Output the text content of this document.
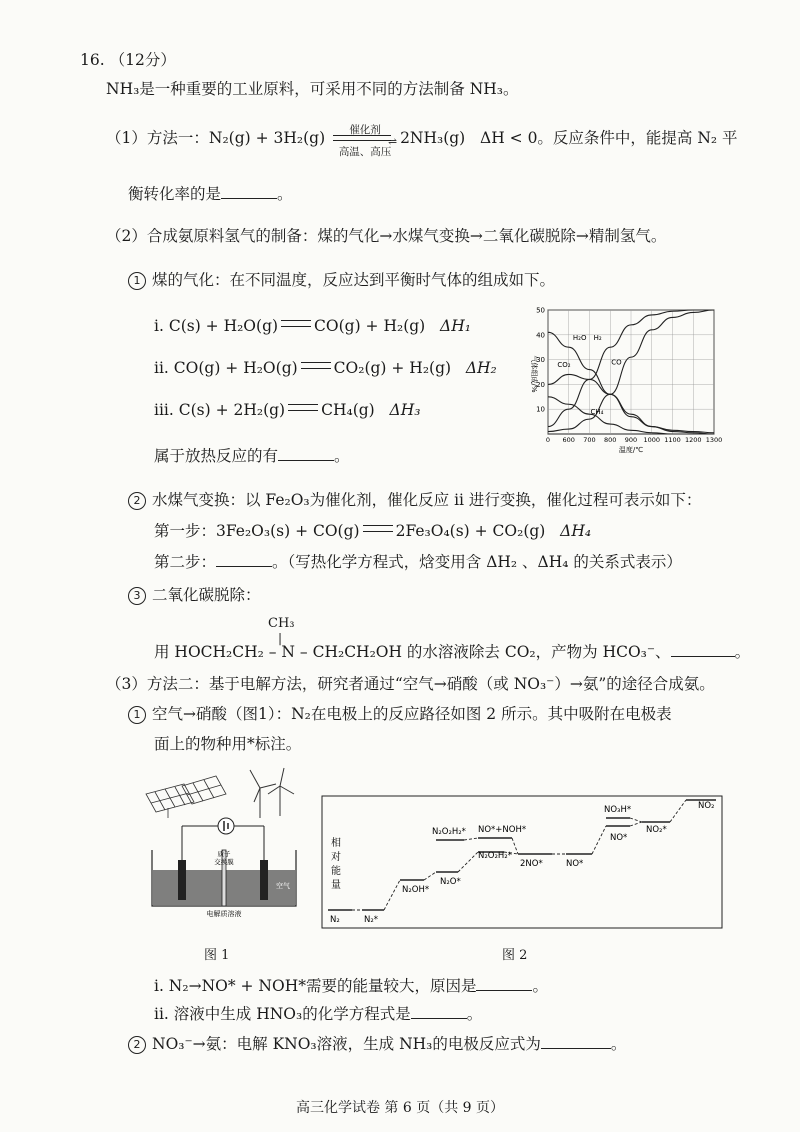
16. （12分）
NH₃是一种重要的工业原料，可采用不同的方法制备 NH₃。
（1）方法一：N₂(g) + 3H₂(g)	催化剂
⇌
高温、高压
2NH₃(g) ΔH < 0。反应条件中，能提高 N₂ 平
衡转化率的是	。
（2）合成氨原料氢气的制备：煤的气化→水煤气变换→二氧化碳脱除→精制氢气。
1 煤的气化：在不同温度，反应达到平衡时气体的组成如下。
i. C(s) + H₂O(g) CO(g) + H₂(g) ΔH₁
ii. CO(g) + H₂O(g) CO₂(g) + H₂(g) ΔH₂
iii. C(s) + 2H₂(g) CH₄(g) ΔH₃
属于放热反应的有	。
10
20
30
40
50
0 600 700 800 900 1000 1100 1200 1300
H₂O H₂
CO₂	CO
CH₄
气体组成/%
温度/℃
2 水煤气变换：以 Fe₂O₃为催化剂，催化反应 ii 进行变换，催化过程可表示如下：
第一步：3Fe₂O₃(s) + CO(g) 2Fe₃O₄(s) + CO₂(g) ΔH₄
第二步：	。（写热化学方程式，焓变用含 ΔH₂ 、ΔH₄ 的关系式表示）
3 二氧化碳脱除：
CH₃
|
用 HOCH₂CH₂ – N – CH₂CH₂OH 的水溶液除去 CO₂，产物为 HCO₃⁻、	。
（3）方法二：基于电解方法，研究者通过“空气→硝酸（或 NO₃⁻）→氨”的途径合成氨。
1 空气→硝酸（图1）：N₂在电极上的反应路径如图 2 所示。其中吸附在电极表
面上的物种用*标注。
质子
交换膜
空气
电解质溶液
相
对
能
量
N₂	N₂*
N₂OH*
N₂O*
N₂O₂H₂*
N₂O₂H₂*
NO*+NOH*
2NO*	NO*
NO₃H*
NO*
NO₂*
NO₂
图 1	图 2
i. N₂→NO* + NOH*需要的能量较大，原因是	。
ii. 溶液中生成 HNO₃的化学方程式是	。
2 NO₃⁻→氨：电解 KNO₃溶液，生成 NH₃的电极反应式为	。
高三化学试卷 第 6 页（共 9 页）
